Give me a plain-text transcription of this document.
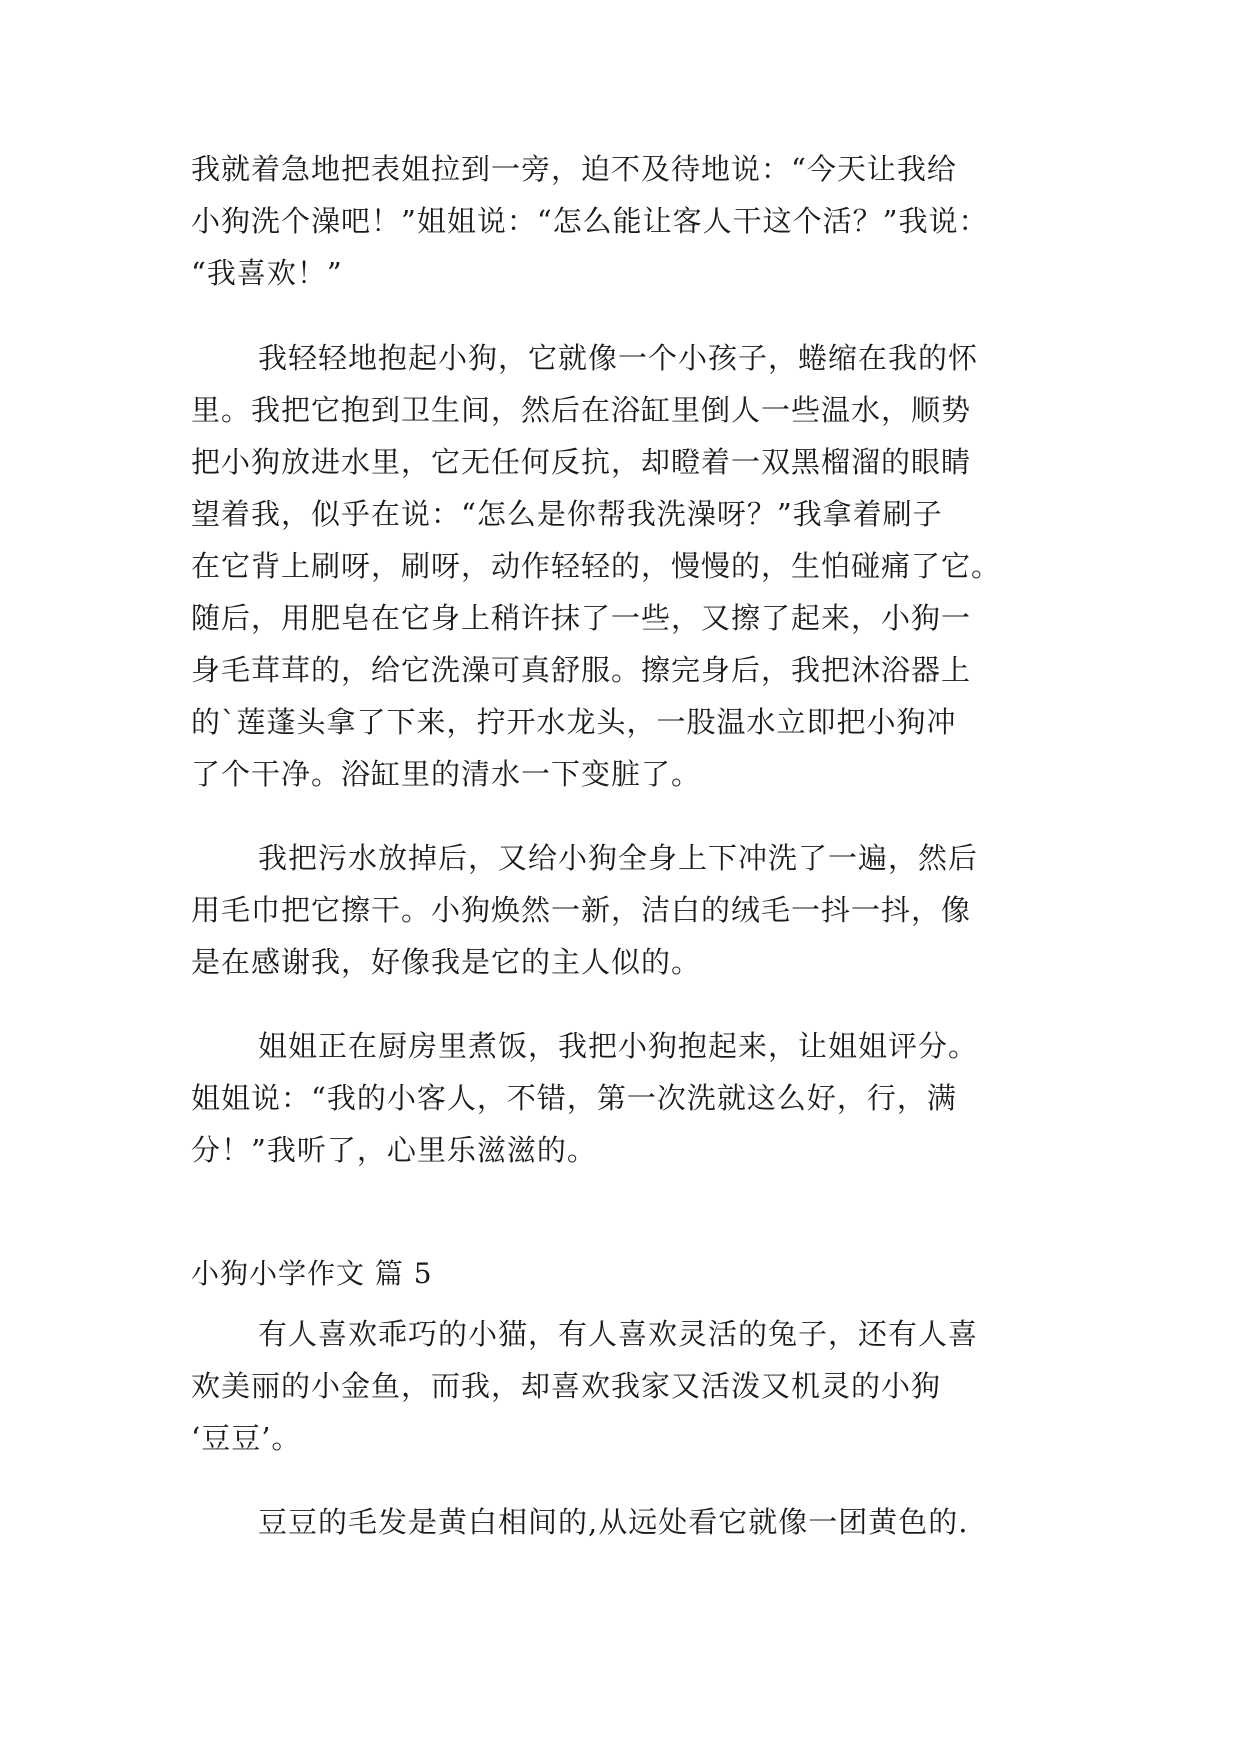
我就着急地把表姐拉到一旁，迫不及待地说：“今天让我给
小狗洗个澡吧！”姐姐说：“怎么能让客人干这个活？”我说：
“我喜欢！”
我轻轻地抱起小狗，它就像一个小孩子，蜷缩在我的怀
里。我把它抱到卫生间，然后在浴缸里倒人一些温水，顺势
把小狗放进水里，它无任何反抗，却瞪着一双黑榴溜的眼睛
望着我，似乎在说：“怎么是你帮我洗澡呀？”我拿着刷子
在它背上刷呀，刷呀，动作轻轻的，慢慢的，生怕碰痛了它。
随后，用肥皂在它身上稍许抹了一些，又擦了起来，小狗一
身毛茸茸的，给它洗澡可真舒服。擦完身后，我把沐浴器上
的`莲蓬头拿了下来，拧开水龙头，一股温水立即把小狗冲
了个干净。浴缸里的清水一下变脏了。
我把污水放掉后，又给小狗全身上下冲洗了一遍，然后
用毛巾把它擦干。小狗焕然一新，洁白的绒毛一抖一抖，像
是在感谢我，好像我是它的主人似的。
姐姐正在厨房里煮饭，我把小狗抱起来，让姐姐评分。
姐姐说：“我的小客人，不错，第一次洗就这么好，行，满
分！”我听了，心里乐滋滋的。
小狗小学作文 篇 5
有人喜欢乖巧的小猫，有人喜欢灵活的兔子，还有人喜
欢美丽的小金鱼，而我，却喜欢我家又活泼又机灵的小狗
‘豆豆’。
豆豆的毛发是黄白相间的,从远处看它就像一团黄色的.
